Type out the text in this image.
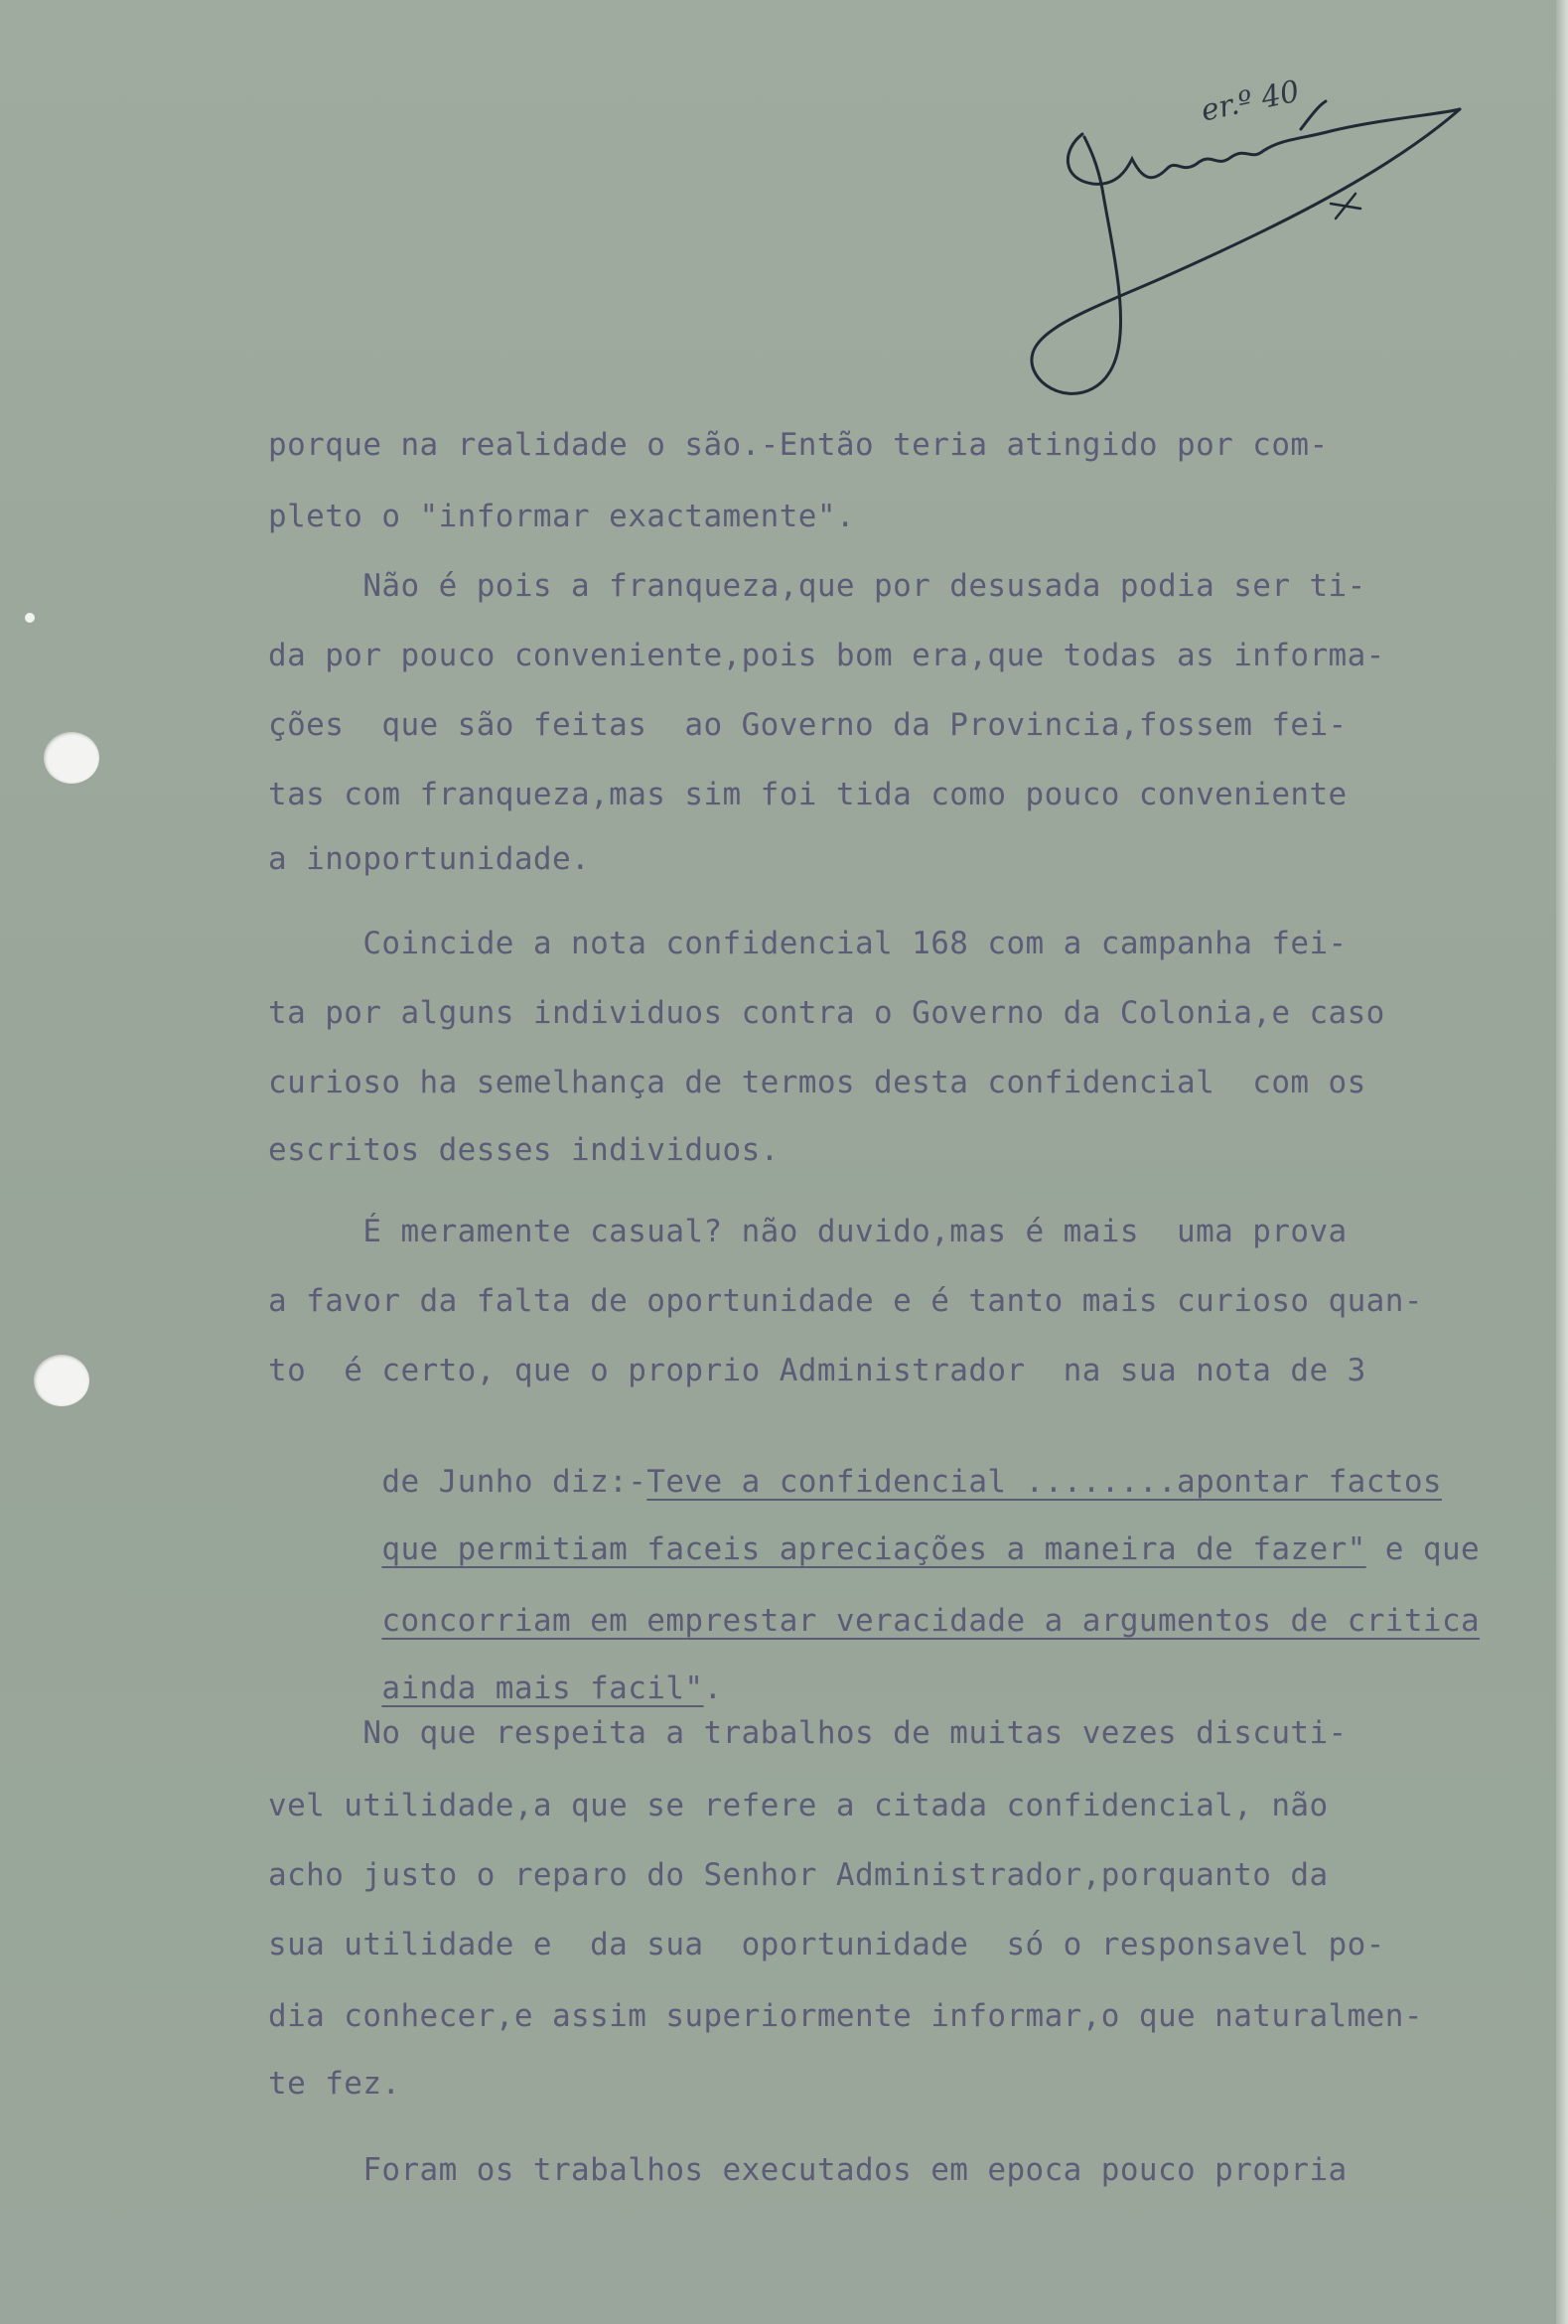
er.º 40
porque na realidade o são.-Então teria atingido por com-
pleto o "informar exactamente".
Não é pois a franqueza,que por desusada podia ser ti-
da por pouco conveniente,pois bom era,que todas as informa-
ções  que são feitas  ao Governo da Provincia,fossem fei-
tas com franqueza,mas sim foi tida como pouco conveniente
a inoportunidade.
Coincide a nota confidencial 168 com a campanha fei-
ta por alguns individuos contra o Governo da Colonia,e caso
curioso ha semelhança de termos desta confidencial  com os
escritos desses individuos.
É meramente casual? não duvido,mas é mais  uma prova
a favor da falta de oportunidade e é tanto mais curioso quan-
to  é certo, que o proprio Administrador  na sua nota de 3

de Junho diz:-Teve a confidencial ........apontar factos

que permitiam faceis apreciações a maneira de fazer" e que

concorriam em emprestar veracidade a argumentos de critica

ainda mais facil".

No que respeita a trabalhos de muitas vezes discuti-
vel utilidade,a que se refere a citada confidencial, não
acho justo o reparo do Senhor Administrador,porquanto da
sua utilidade e  da sua  oportunidade  só o responsavel po-
dia conhecer,e assim superiormente informar,o que naturalmen-
te fez.
Foram os trabalhos executados em epoca pouco propria
